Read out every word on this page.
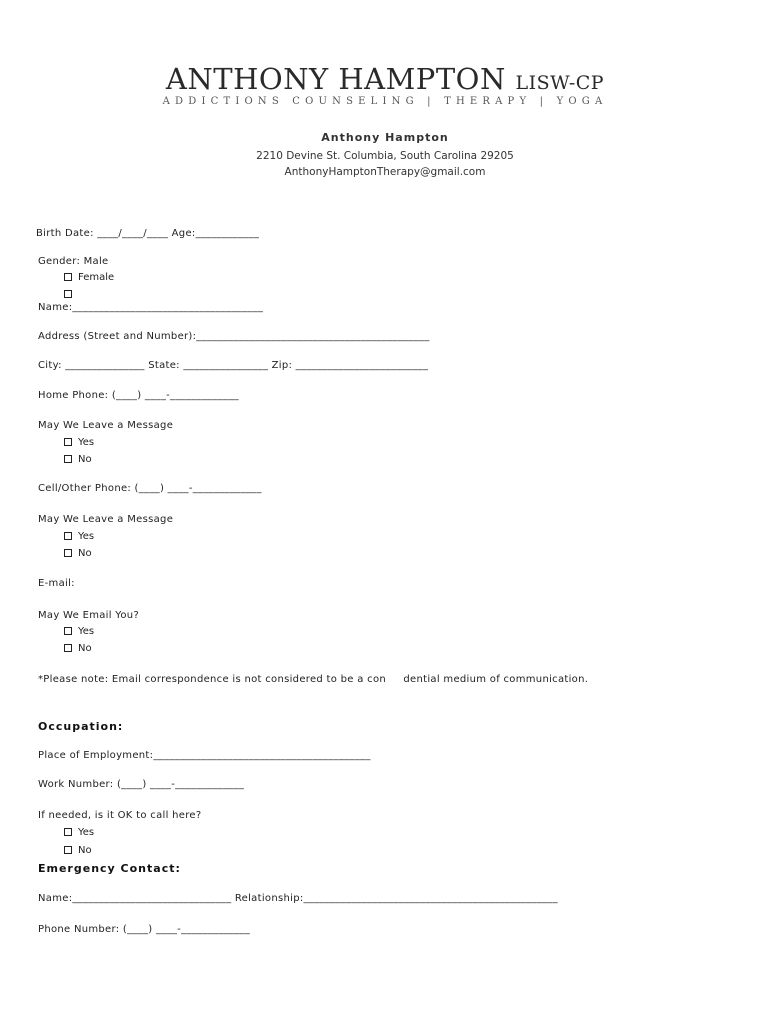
ANTHONY HAMPTON LISW-CP
ADDICTIONS COUNSELING | THERAPY | YOGA
Anthony Hampton
2210 Devine St. Columbia, South Carolina 29205
AnthonyHamptonTherapy@gmail.com
Birth Date: ____/____/____ Age:____________
Gender: Male
Female
Name:____________________________________
Address (Street and Number):____________________________________________
City: _______________ State: ________________ Zip: _________________________
Home Phone: (____) ____-_____________
May We Leave a Message
Yes
No
Cell/Other Phone: (____) ____-_____________
May We Leave a Message
Yes
No
E-mail:
May We Email You?
Yes
No
*Please note: Email correspondence is not considered to be a con     dential medium of communication.
Occupation:
Place of Employment:_________________________________________
Work Number: (____) ____-_____________
If needed, is it OK to call here?
Yes
No
Emergency Contact:
Name:______________________________ Relationship:________________________________________________
Phone Number: (____) ____-_____________
